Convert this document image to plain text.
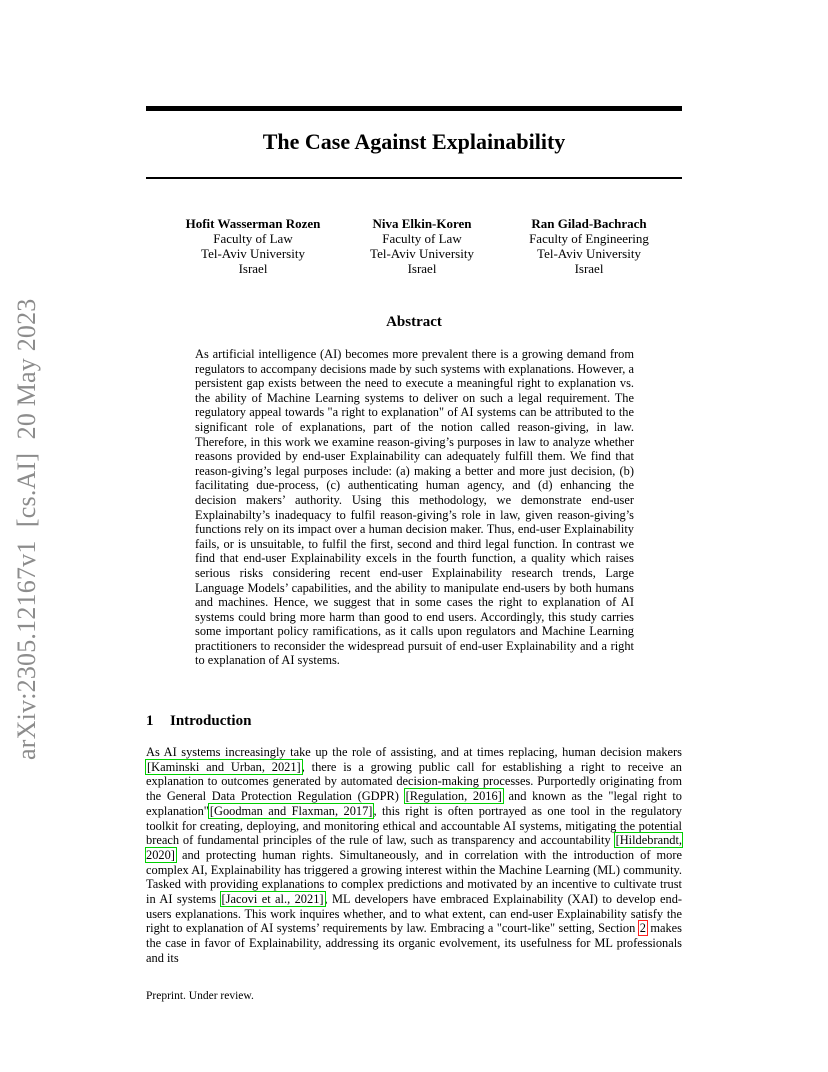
arXiv:2305.12167v1  [cs.AI]  20 May 2023
The Case Against Explainability
Hofit Wasserman Rozen
Faculty of Law
Tel-Aviv University
Israel
Niva Elkin-Koren
Faculty of Law
Tel-Aviv University
Israel
Ran Gilad-Bachrach
Faculty of Engineering
Tel-Aviv University
Israel
Abstract

As artificial intelligence (AI) becomes more prevalent there is a growing demand from regulators to accompany decisions made by such systems with explanations. However, a persistent gap exists between the need to execute a meaningful right to explanation vs. the ability of Machine Learning systems to deliver on such a legal requirement. The regulatory appeal towards "a right to explanation" of AI systems can be attributed to the significant role of explanations, part of the notion called reason-giving, in law. Therefore, in this work we examine reason-giving’s purposes in law to analyze whether reasons provided by end-user Explainability can adequately fulfill them. We find that reason-giving’s legal purposes include: (a) making a better and more just decision, (b) facilitating due-process, (c) authenticating human agency, and (d) enhancing the decision makers’ authority. Using this methodology, we demonstrate end-user Explainabilty’s inadequacy to fulfil reason-giving’s role in law, given reason-giving’s functions rely on its impact over a human decision maker. Thus, end-user Explainability fails, or is unsuitable, to fulfil the first, second and third legal function. In contrast we find that end-user Explainability excels in the fourth function, a quality which raises serious risks considering recent end-user Explainability research trends, Large Language Models’ capabilities, and the ability to manipulate end-users by both humans and machines. Hence, we suggest that in some cases the right to explanation of AI systems could bring more harm than good to end users. Accordingly, this study carries some important policy ramifications, as it calls upon regulators and Machine Learning practitioners to reconsider the widespread pursuit of end-user Explainability and a right to explanation of AI systems.

1 Introduction

As AI systems increasingly take up the role of assisting, and at times replacing, human decision makers [Kaminski and Urban, 2021], there is a growing public call for establishing a right to receive an explanation to outcomes generated by automated decision-making processes. Purportedly originating from the General Data Protection Regulation (GDPR) [Regulation, 2016] and known as the "legal right to explanation"[Goodman and Flaxman, 2017], this right is often portrayed as one tool in the regulatory toolkit for creating, deploying, and monitoring ethical and accountable AI systems, mitigating the potential breach of fundamental principles of the rule of law, such as transparency and accountability [Hildebrandt, 2020] and protecting human rights. Simultaneously, and in correlation with the introduction of more complex AI, Explainability has triggered a growing interest within the Machine Learning (ML) community. Tasked with providing explanations to complex predictions and motivated by an incentive to cultivate trust in AI systems [Jacovi et al., 2021], ML developers have embraced Explainability (XAI) to develop end-users explanations. This work inquires whether, and to what extent, can end-user Explainability satisfy the right to explanation of AI systems’ requirements by law. Embracing a "court-like" setting, Section 2 makes the case in favor of Explainability, addressing its organic evolvement, its usefulness for ML professionals and its

Preprint. Under review.
